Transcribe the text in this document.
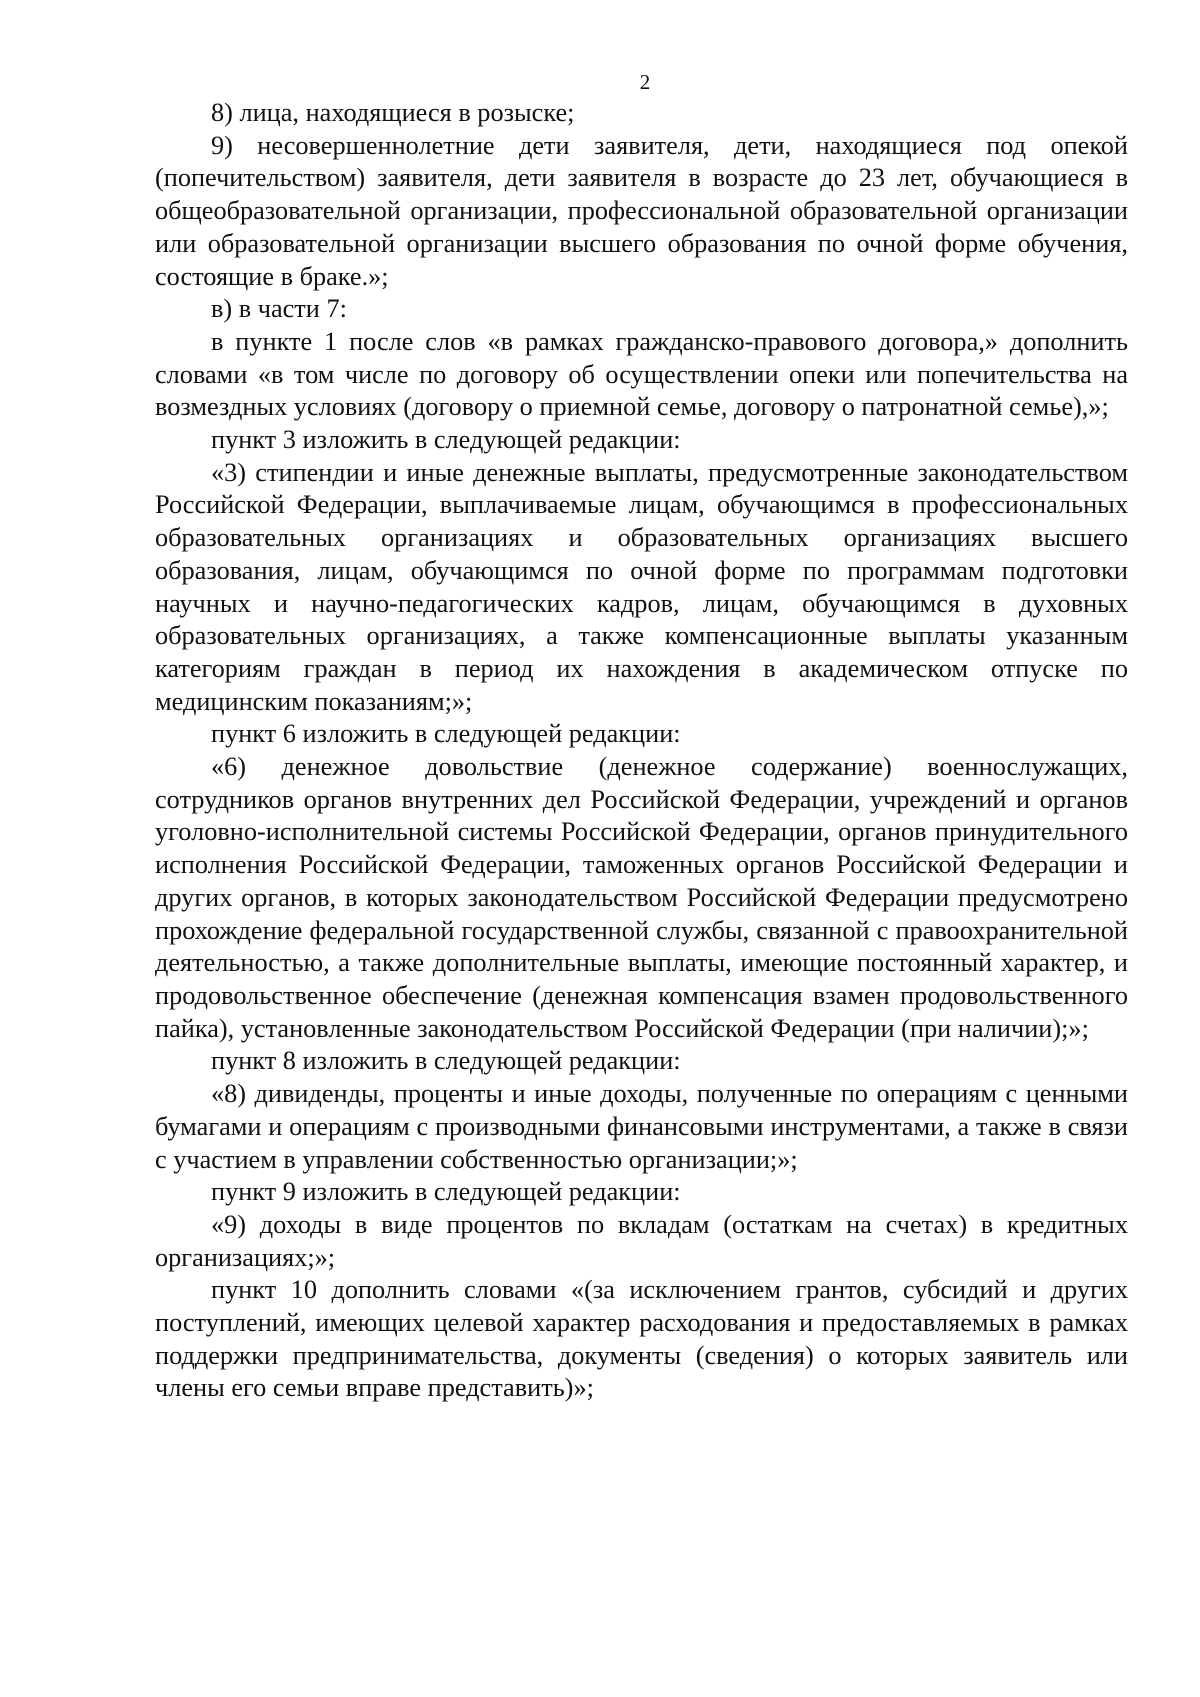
2

8) лица, находящиеся в розыске;

9) несовершеннолетние дети заявителя, дети, находящиеся под опекой (попечительством) заявителя, дети заявителя в возрасте до 23 лет, обучающиеся в общеобразовательной организации, профессиональной образовательной организации или образовательной организации высшего образования по очной форме обучения, состоящие в браке.»;

в) в части 7:

в пункте 1 после слов «в рамках гражданско-правового договора,» дополнить словами «в том числе по договору об осуществлении опеки или попечительства на возмездных условиях (договору о приемной семье, договору о патронатной семье),»;

пункт 3 изложить в следующей редакции:

«3) стипендии и иные денежные выплаты, предусмотренные законодательством Российской Федерации, выплачиваемые лицам, обучающимся в профессиональных образовательных организациях и образовательных организациях высшего образования, лицам, обучающимся по очной форме по программам подготовки научных и научно-педагогических кадров, лицам, обучающимся в духовных образовательных организациях, а также компенсационные выплаты указанным категориям граждан в период их нахождения в академическом отпуске по медицинским показаниям;»;

пункт 6 изложить в следующей редакции:

«6) денежное довольствие (денежное содержание) военнослужащих, сотрудников органов внутренних дел Российской Федерации, учреждений и органов уголовно-исполнительной системы Российской Федерации, органов принудительного исполнения Российской Федерации, таможенных органов Российской Федерации и других органов, в которых законодательством Российской Федерации предусмотрено прохождение федеральной государственной службы, связанной с правоохранительной деятельностью, а также дополнительные выплаты, имеющие постоянный характер, и продовольственное обеспечение (денежная компенсация взамен продовольственного пайка), установленные законодательством Российской Федерации (при наличии);»;

пункт 8 изложить в следующей редакции:

«8) дивиденды, проценты и иные доходы, полученные по операциям с ценными бумагами и операциям с производными финансовыми инструментами, а также в связи с участием в управлении собственностью организации;»;

пункт 9 изложить в следующей редакции:

«9) доходы в виде процентов по вкладам (остаткам на счетах) в кредитных организациях;»;

пункт 10 дополнить словами «(за исключением грантов, субсидий и других поступлений, имеющих целевой характер расходования и предоставляемых в рамках поддержки предпринимательства, документы (сведения) о которых заявитель или члены его семьи вправе представить)»;
